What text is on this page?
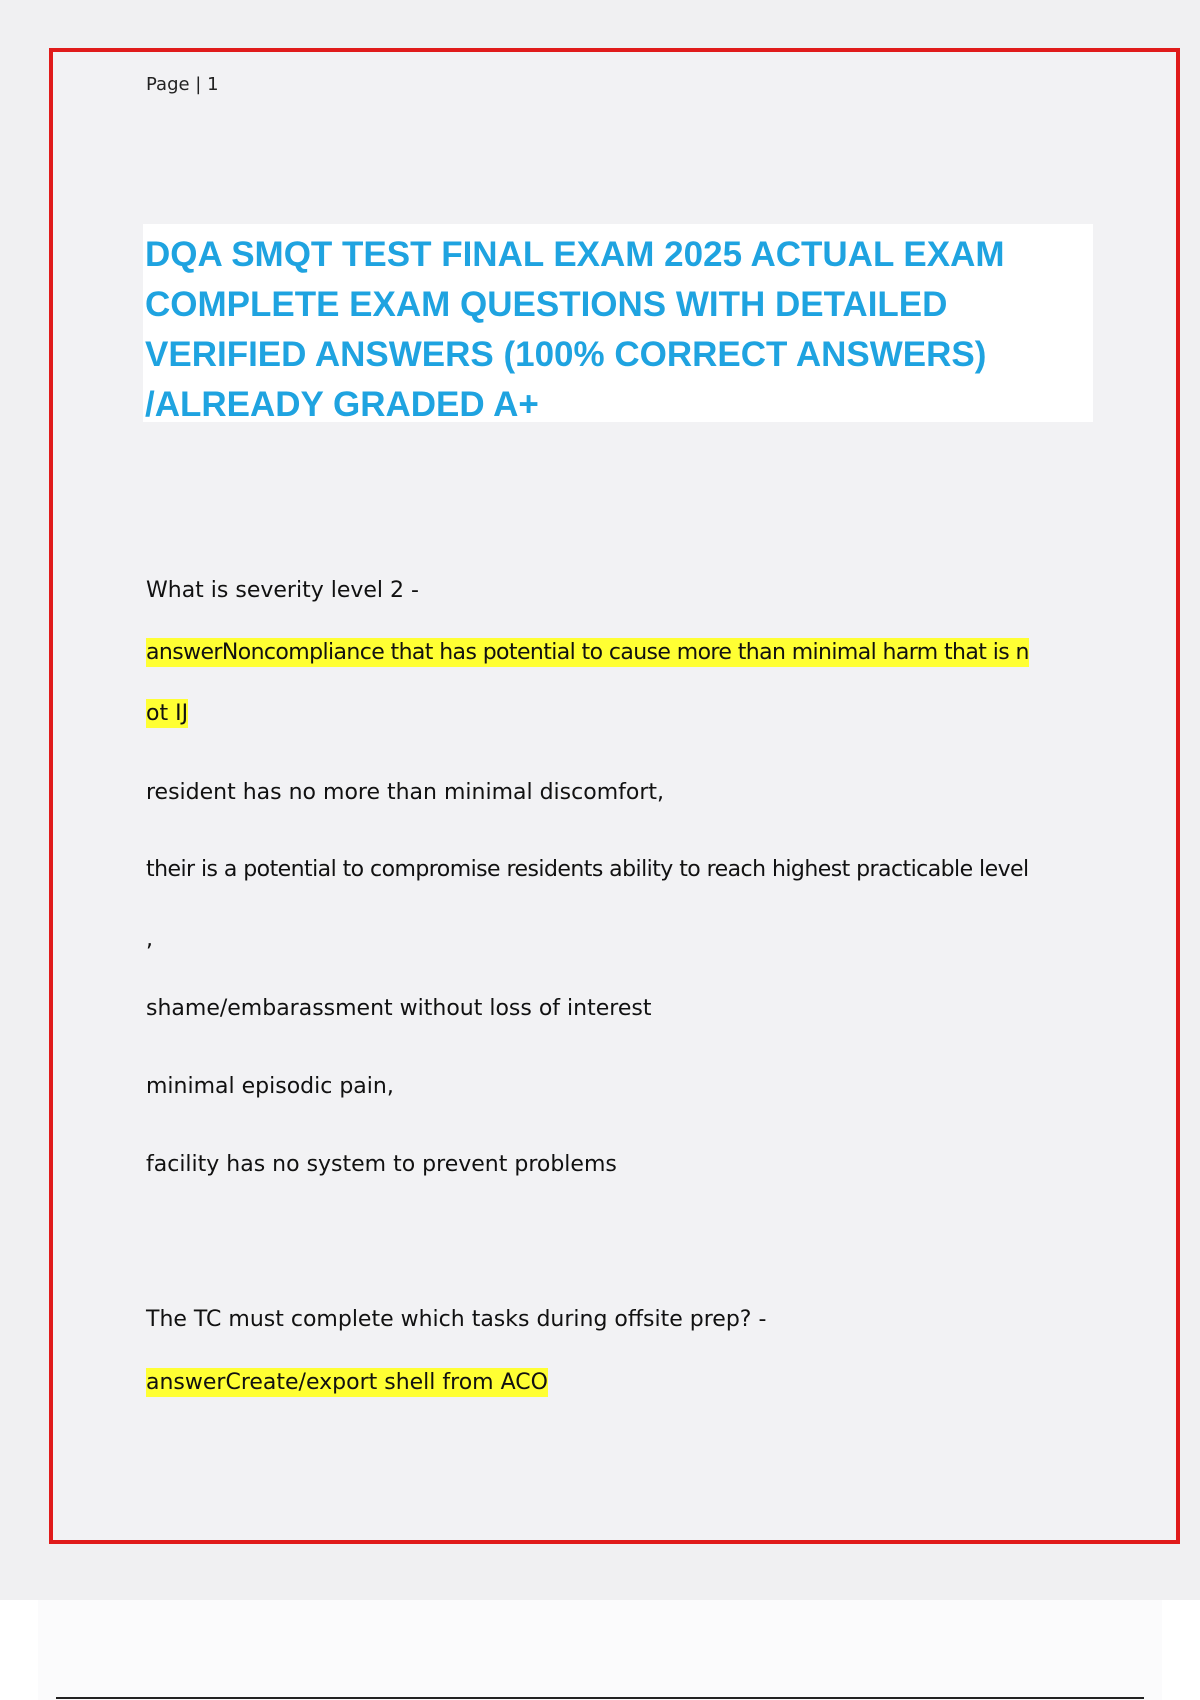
Page | 1
DQA SMQT TEST FINAL EXAM 2025 ACTUAL EXAM
COMPLETE EXAM QUESTIONS WITH DETAILED
VERIFIED ANSWERS (100% CORRECT ANSWERS)
/ALREADY GRADED A+
What is severity level 2 -
answerNoncompliance that has potential to cause more than minimal harm that is n
ot IJ
resident has no more than minimal discomfort,
their is a potential to compromise residents ability to reach highest practicable level
,
shame/embarassment without loss of interest
minimal episodic pain,
facility has no system to prevent problems
The TC must complete which tasks during offsite prep? -
answerCreate/export shell from ACO
